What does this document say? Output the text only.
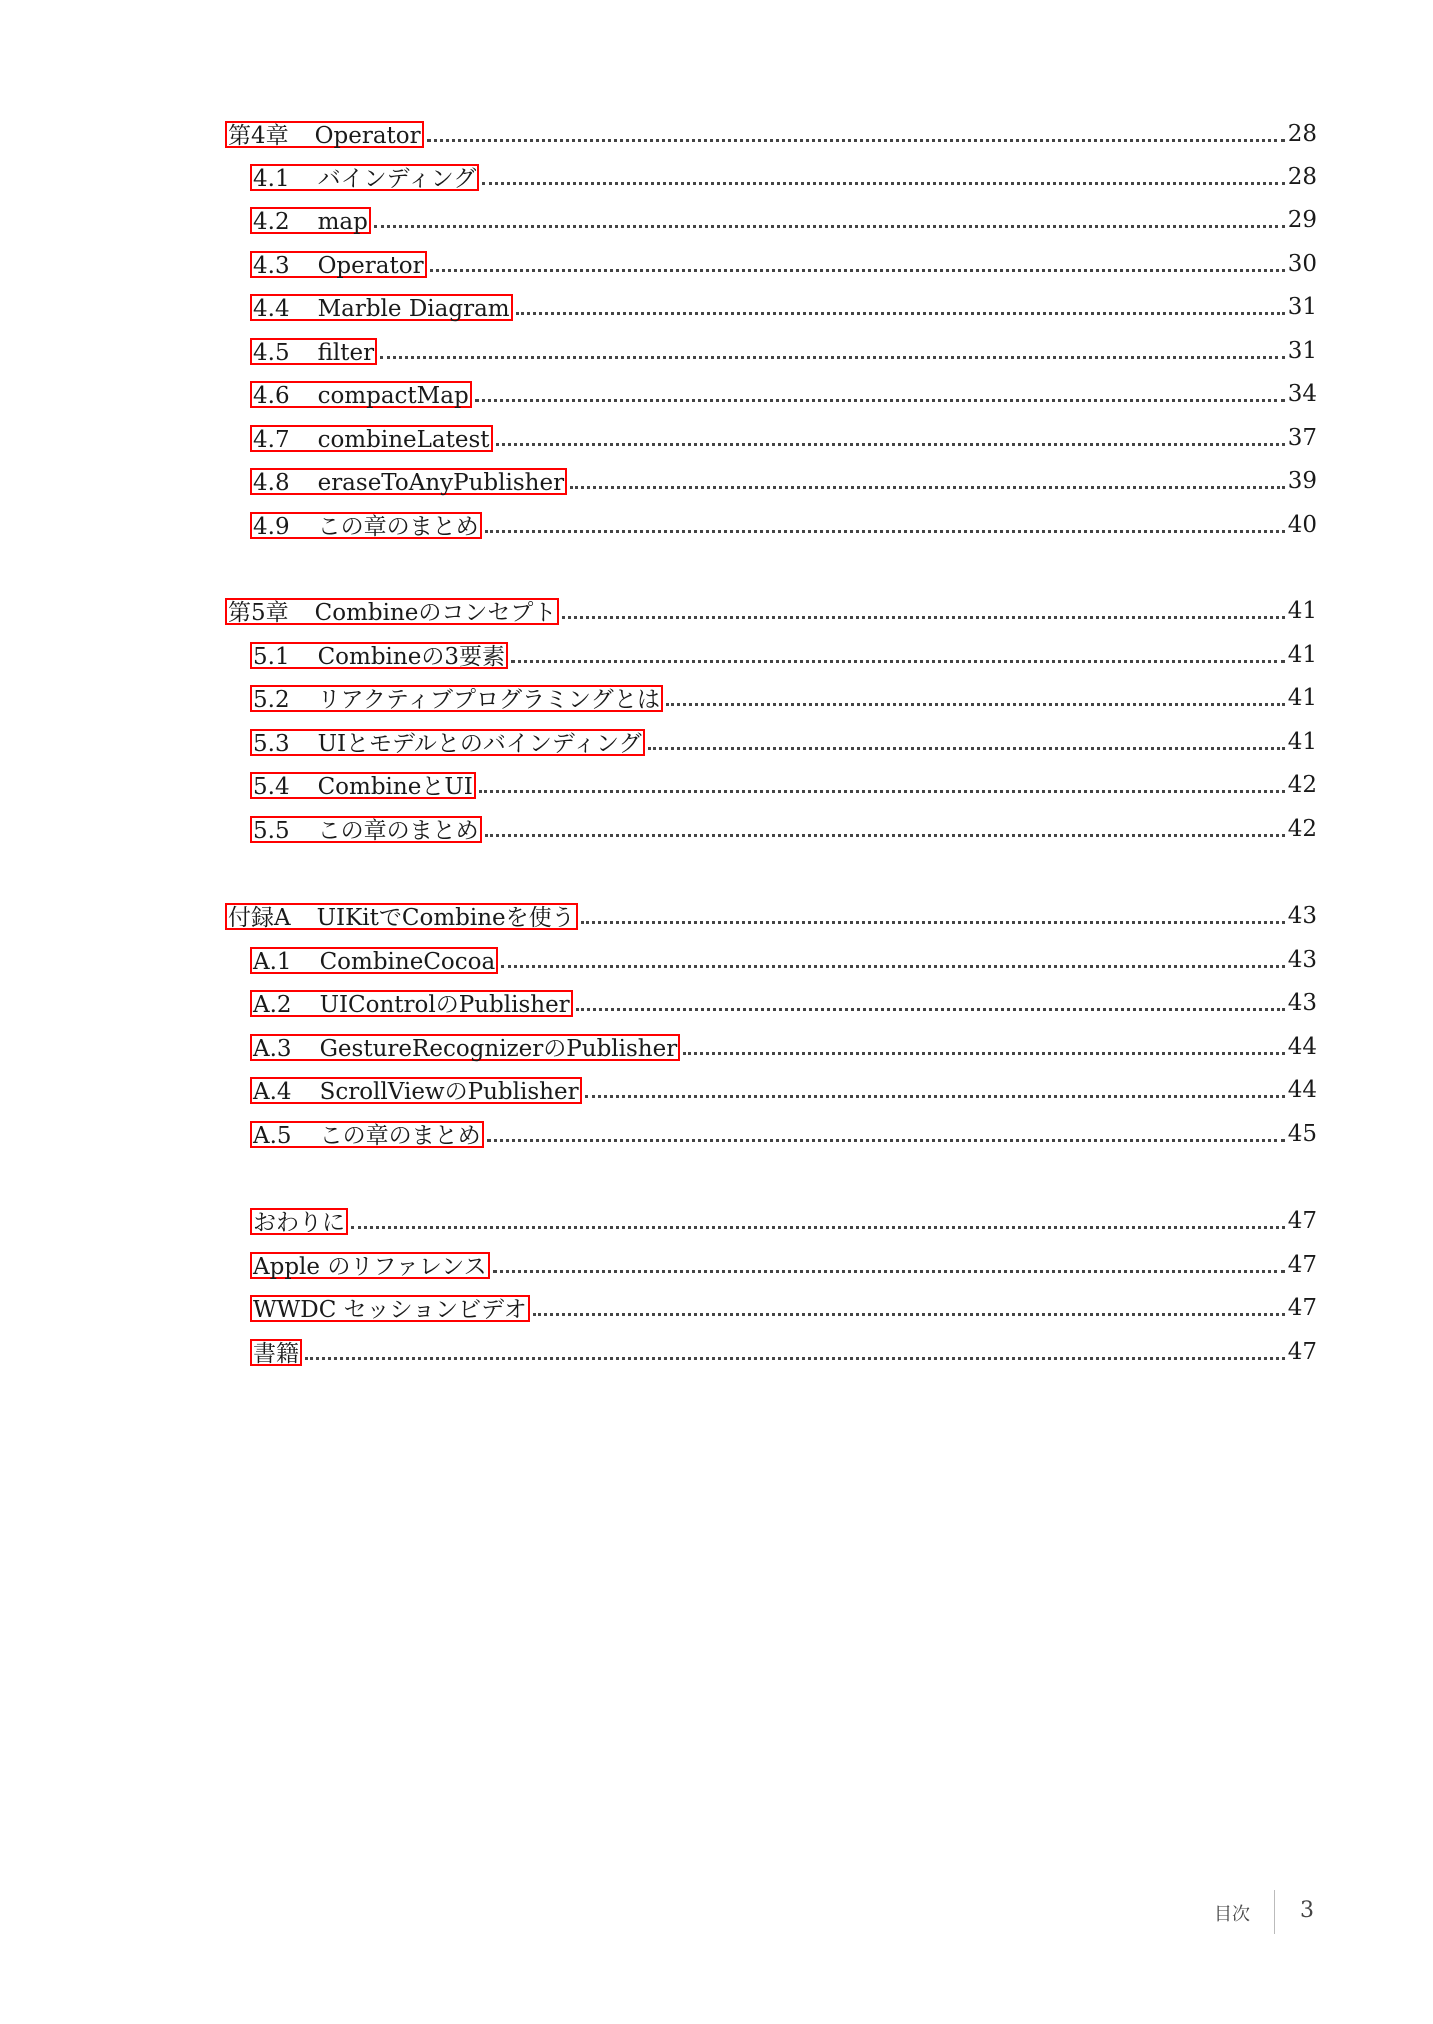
第4章 Operator	28
4.1 バインディング	28
4.2 map	29
4.3 Operator	30
4.4 Marble Diagram	31
4.5 filter	31
4.6 compactMap	34
4.7 combineLatest	37
4.8 eraseToAnyPublisher	39
4.9 この章のまとめ	40
第5章 Combineのコンセプト	41
5.1 Combineの3要素	41
5.2 リアクティブプログラミングとは	41
5.3 UIとモデルとのバインディング	41
5.4 CombineとUI	42
5.5 この章のまとめ	42
付録A UIKitでCombineを使う	43
A.1 CombineCocoa	43
A.2 UIControlのPublisher	43
A.3 GestureRecognizerのPublisher	44
A.4 ScrollViewのPublisher	44
A.5 この章のまとめ	45
おわりに	47
Apple のリファレンス	47
WWDC セッションビデオ	47
書籍	47
目次 3
